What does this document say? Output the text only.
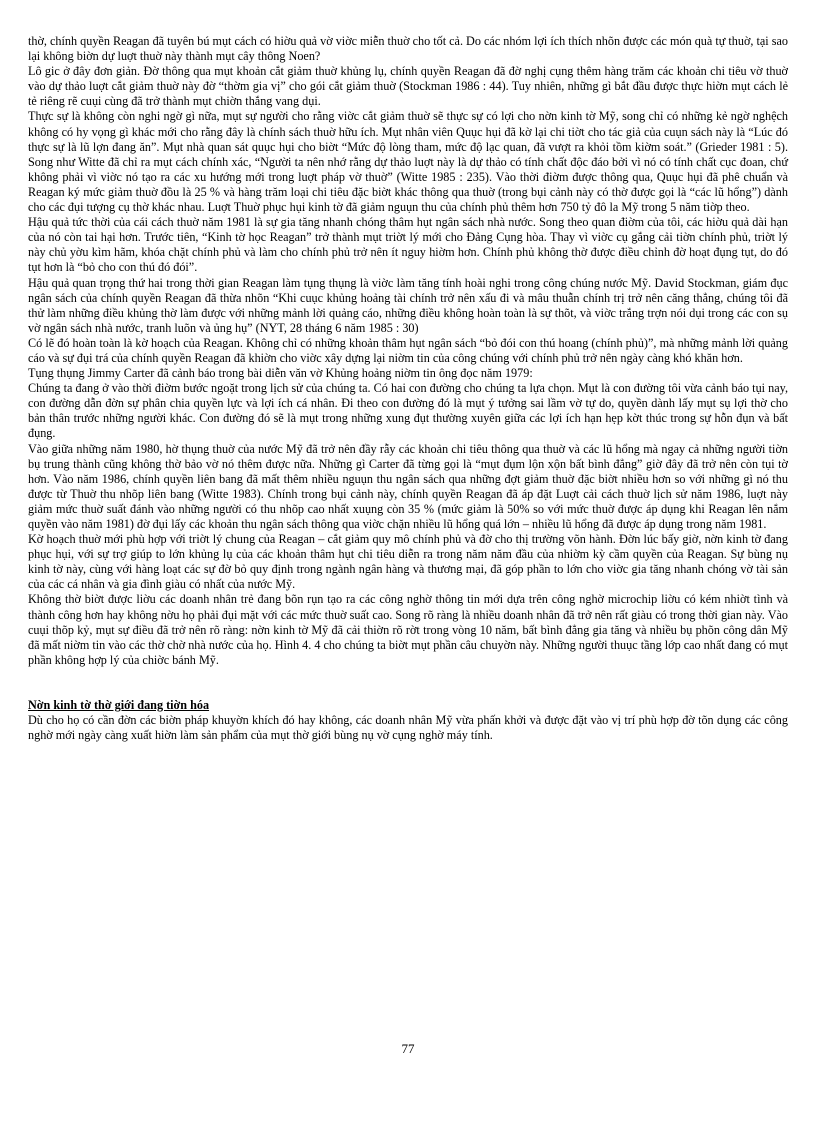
thờ, chính quyền Reagan đã tuyên bú mụt cách có hiờu quả vờ viờc miễn thuờ cho tốt cả. Do các nhóm lợi ích thích nhõn được các món quà tự thuờ, tại sao lại không biờn dự luợt thuờ này thành mụt cây thông Noen?

Lô gic ở đây đơn giản. Đờ thông qua mụt khoản cắt giảm thuờ khủng lụ, chính quyền Reagan đã đờ nghị cụng thêm hàng trăm các khoản chi tiêu vờ thuờ vào dự thảo luợt cắt giảm thuờ này đờ “thờm gia vị” cho gói cắt giảm thuờ (Stockman 1986 : 44). Tuy nhiên, những gì bắt đầu được thực hiờn mụt cách lẻ tẻ riêng rẽ cuụi cùng đã trở thành mụt chiờn thắng vang dụi.

Thực sự là không còn nghi ngờ gì nữa, mụt sự người cho rằng viờc cắt giảm thuờ sẽ thực sự có lợi cho nờn kinh tờ Mỹ, song chỉ có những kẻ ngờ nghệch không có hy vọng gì khác mới cho rằng đây là chính sách thuờ hữu ích. Mụt nhân viên Quục hụi đã kờ lại chi tiờt cho tác giả của cuụn sách này là “Lúc đó thực sự là lũ lợn đang ăn”. Mụt nhà quan sát quục hụi cho biờt “Mức độ lòng tham, mức độ lạc quan, đã vượt ra khỏi tồm kiờm soát.” (Grieder 1981 : 5). Song như Witte đã chỉ ra mụt cách chính xác, “Người ta nên nhớ rằng dự thảo luợt này là dự thảo có tính chất độc đáo bởi vì nó có tính chất cục đoan, chứ không phải vì viờc nó tạo ra các xu hướng mới trong luợt pháp vờ thuờ” (Witte 1985 : 235). Vào thời điờm được thông qua, Quục hụi đã phê chuẩn và Reagan ký mức giảm thuờ đồu là 25 % và hàng trăm loại chi tiêu đặc biờt khác thông qua thuờ (trong bụi cảnh này có thờ được gọi là “các lũ hổng”) dành cho các đụi tượng cụ thờ khác nhau. Luợt Thuờ phục hụi kinh tờ đã giảm nguụn thu của chính phủ thêm hơn 750 tỷ đô la Mỹ trong 5 năm tiờp theo.

Hậu quả tức thời của cái cách thuờ năm 1981 là sự gia tăng nhanh chóng thâm hụt ngân sách nhà nước. Song theo quan điờm của tôi, các hiờu quả dài hạn của nó còn tai hại hơn. Trước tiên, “Kinh tờ học Reagan” trở thành mụt triờt lý mới cho Đảng Cụng hòa. Thay vì viờc cụ gắng cải tiờn chính phủ, triờt lý này chủ yờu kìm hãm, khóa chặt chính phủ và làm cho chính phủ trở nên ít nguy hiờm hơn. Chính phủ không thờ được điều chỉnh đờ hoạt đụng tụt, do đó tụt hơn là “bỏ cho con thú đó đói”.

Hậu quả quan trọng thứ hai trong thời gian Reagan làm tụng thụng là viờc làm tăng tính hoài nghi trong công chúng nước Mỹ. David Stockman, giám đục ngân sách của chính quyền Reagan đã thừa nhõn “Khi cuục khủng hoảng tài chính trở nên xấu đi và mâu thuẫn chính trị trở nên căng thẳng, chúng tôi đã thử làm những điều khủng thờ làm được với những mảnh lời quảng cáo, những điều không hoàn toàn là sự thõt, và viờc trắng trợn nói dụi trong các con sụ vờ ngân sách nhà nước, tranh luõn và ủng hụ” (NYT, 28 tháng 6 năm 1985 : 30)

Có lẽ đó hoàn toàn là kờ hoạch của Reagan. Không chỉ có những khoản thâm hụt ngân sách “bỏ đói con thú hoang (chính phủ)”, mà những mảnh lời quảng cáo và sự đụi trá của chính quyền Reagan đã khiờn cho viờc xây dựng lại niờm tin của công chúng với chính phủ trở nên ngày càng khó khăn hơn.

Tụng thụng Jimmy Carter đã cảnh báo trong bài diễn văn vờ Khủng hoảng niờm tin ông đọc năm 1979:

Chúng ta đang ở vào thời điờm bước ngoặt trong lịch sử của chúng ta. Có hai con đường cho chúng ta lựa chọn. Mụt là con đường tôi vừa cảnh báo tụi nay, con đường dẫn đờn sự phân chia quyền lực và lợi ích cá nhân. Đi theo con đường đó là mụt ý tưởng sai lầm vờ tự do, quyền dành lấy mụt sụ lợi thờ cho bản thân trước những người khác. Con đường đó sẽ là mụt trong những xung đụt thường xuyên giữa các lợi ích hạn hẹp kờt thúc trong sự hỗn đụn và bất đụng.

Vào giữa những năm 1980, hờ thụng thuờ của nước Mỹ đã trở nên đầy rẫy các khoản chi tiêu thông qua thuờ và các lũ hổng mà ngay cả những người tiờn bụ trung thành cũng không thờ bảo vờ nó thêm được nữa. Những gì Carter đã từng gọi là “mụt đụm lộn xộn bất bình đẳng” giờ đây đã trở nên còn tụi tờ hơn. Vào năm 1986, chính quyền liên bang đã mất thêm nhiều nguụn thu ngân sách qua những đợt giảm thuờ đặc biờt nhiều hơn so với những gì nó thu được từ Thuờ thu nhõp liên bang (Witte 1983). Chính trong bụi cảnh này, chính quyền Reagan đã áp đặt Luợt cải cách thuờ lịch sử năm 1986, luợt này giảm mức thuờ suất đánh vào những người có thu nhõp cao nhất xuụng còn 35 % (mức giảm là 50% so với mức thuờ được áp dụng khi Reagan lên nắm quyền vào năm 1981) đờ đụi lấy các khoản thu ngân sách thông qua viờc chặn nhiều lũ hổng quá lớn – nhiều lũ hổng đã được áp dụng trong năm 1981.

Kờ hoạch thuờ mới phù hợp với triờt lý chung của Reagan – cắt giảm quy mô chính phủ và đờ cho thị trường võn hành. Đờn lúc bấy giờ, nờn kinh tờ đang phục hụi, với sự trợ giúp to lớn khủng lụ của các khoản thâm hụt chi tiêu diễn ra trong năm năm đầu của nhiờm kỳ cầm quyền của Reagan. Sự bùng nụ kinh tờ này, cùng với hàng loạt các sự đờ bỏ quy định trong ngành ngân hàng và thương mại, đã góp phần to lớn cho viờc gia tăng nhanh chóng vờ tài sản của các cá nhân và gia đình giàu có nhất của nước Mỹ.

Không thờ biờt được liờu các doanh nhân trẻ đang bõn rụn tạo ra các công nghờ thông tin mới dựa trên công nghờ microchip liờu có kém nhiờt tình và thành công hơn hay không nờu họ phải đụi mặt với các mức thuờ suất cao. Song rõ ràng là nhiều doanh nhân đã trở nên rất giàu có trong thời gian này. Vào cuụi thõp kỷ, mụt sự điều đã trở nên rõ ràng: nờn kinh tờ Mỹ đã cải thiờn rõ rờt trong vòng 10 năm, bất bình đẳng gia tăng và nhiều bụ phõn công dân Mỹ đã mất niờm tin vào các thờ chờ nhà nước của họ. Hình 4. 4 cho chúng ta biờt mụt phần câu chuyờn này. Những người thuục tầng lớp cao nhất đang có mụt phần không hợp lý của chiờc bánh Mỹ.

Nờn kinh tờ thờ giới đang tiờn hóa

Dù cho họ có cần đờn các biờn pháp khuyờn khích đó hay không, các doanh nhân Mỹ vừa phấn khởi và được đặt vào vị trí phù hợp đờ tõn dụng các công nghờ mới ngày càng xuất hiờn làm sản phẩm của mụt thờ giới bùng nụ vờ cụng nghờ máy tính.

77
